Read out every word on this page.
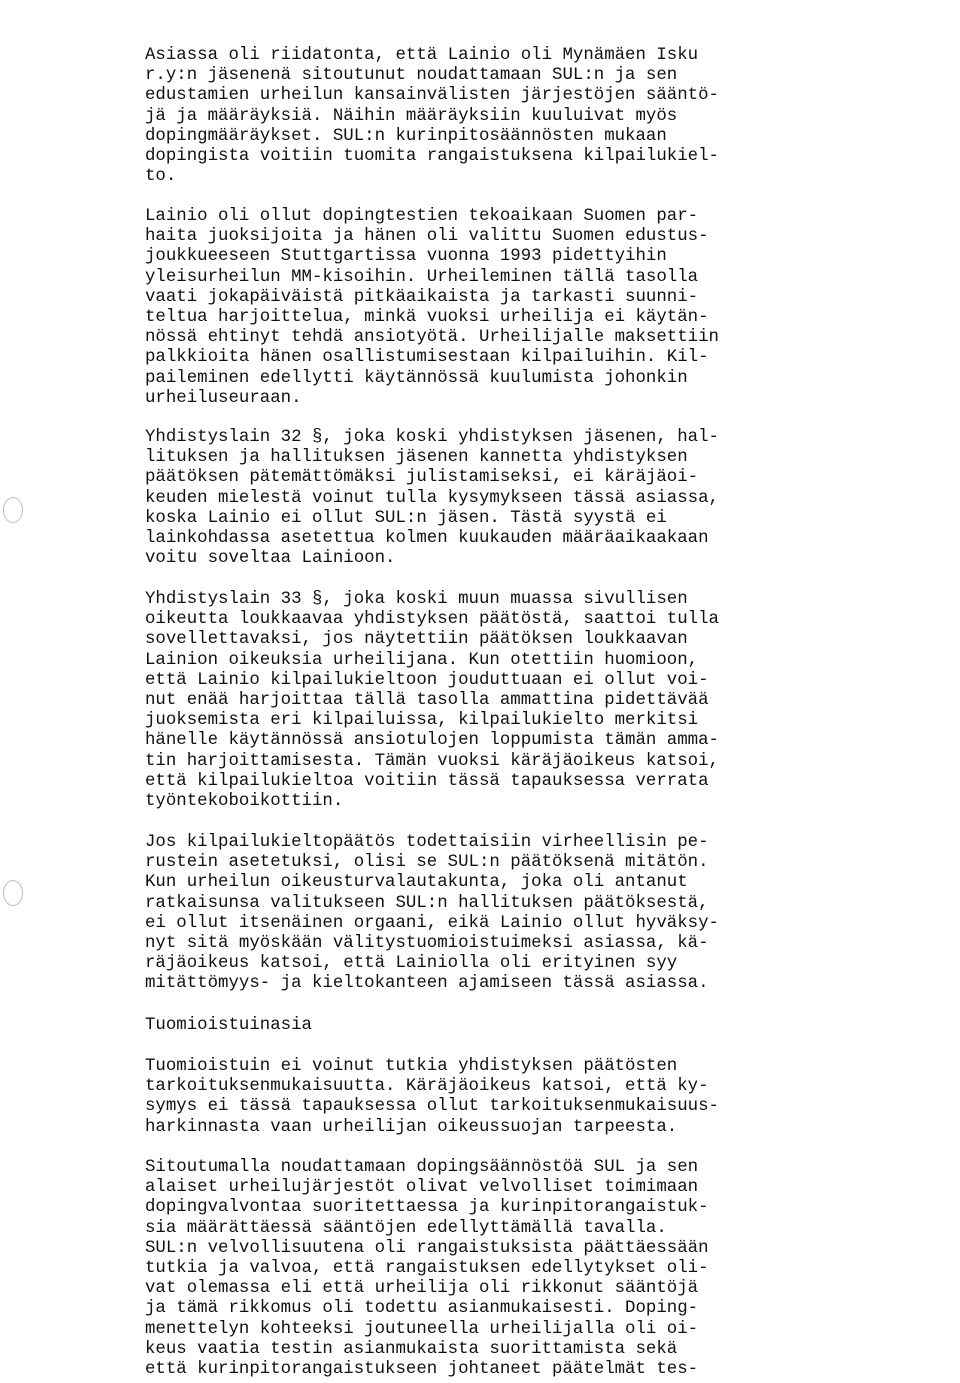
Asiassa oli riidatonta, että Lainio oli Mynämäen Isku
r.y:n jäsenenä sitoutunut noudattamaan SUL:n ja sen
edustamien urheilun kansainvälisten järjestöjen sääntö-
jä ja määräyksiä. Näihin määräyksiin kuuluivat myös
dopingmääräykset. SUL:n kurinpitosäännösten mukaan
dopingista voitiin tuomita rangaistuksena kilpailukiel-
to.
Lainio oli ollut dopingtestien tekoaikaan Suomen par-
haita juoksijoita ja hänen oli valittu Suomen edustus-
joukkueeseen Stuttgartissa vuonna 1993 pidettyihin
yleisurheilun MM-kisoihin. Urheileminen tällä tasolla
vaati jokapäiväistä pitkäaikaista ja tarkasti suunni-
teltua harjoittelua, minkä vuoksi urheilija ei käytän-
nössä ehtinyt tehdä ansiotyötä. Urheilijalle maksettiin
palkkioita hänen osallistumisestaan kilpailuihin. Kil-
paileminen edellytti käytännössä kuulumista johonkin
urheiluseuraan.
Yhdistyslain 32 §, joka koski yhdistyksen jäsenen, hal-
lituksen ja hallituksen jäsenen kannetta yhdistyksen
päätöksen pätemättömäksi julistamiseksi, ei käräjäoi-
keuden mielestä voinut tulla kysymykseen tässä asiassa,
koska Lainio ei ollut SUL:n jäsen. Tästä syystä ei
lainkohdassa asetettua kolmen kuukauden määräaikaakaan
voitu soveltaa Lainioon.
Yhdistyslain 33 §, joka koski muun muassa sivullisen
oikeutta loukkaavaa yhdistyksen päätöstä, saattoi tulla
sovellettavaksi, jos näytettiin päätöksen loukkaavan
Lainion oikeuksia urheilijana. Kun otettiin huomioon,
että Lainio kilpailukieltoon jouduttuaan ei ollut voi-
nut enää harjoittaa tällä tasolla ammattina pidettävää
juoksemista eri kilpailuissa, kilpailukielto merkitsi
hänelle käytännössä ansiotulojen loppumista tämän amma-
tin harjoittamisesta. Tämän vuoksi käräjäoikeus katsoi,
että kilpailukieltoa voitiin tässä tapauksessa verrata
työntekoboikottiin.
Jos kilpailukieltopäätös todettaisiin virheellisin pe-
rustein asetetuksi, olisi se SUL:n päätöksenä mitätön.
Kun urheilun oikeusturvalautakunta, joka oli antanut
ratkaisunsa valitukseen SUL:n hallituksen päätöksestä,
ei ollut itsenäinen orgaani, eikä Lainio ollut hyväksy-
nyt sitä myöskään välitystuomioistuimeksi asiassa, kä-
räjäoikeus katsoi, että Lainiolla oli erityinen syy
mitättömyys- ja kieltokanteen ajamiseen tässä asiassa.
Tuomioistuinasia
Tuomioistuin ei voinut tutkia yhdistyksen päätösten
tarkoituksenmukaisuutta. Käräjäoikeus katsoi, että ky-
symys ei tässä tapauksessa ollut tarkoituksenmukaisuus-
harkinnasta vaan urheilijan oikeussuojan tarpeesta.
Sitoutumalla noudattamaan dopingsäännöstöä SUL ja sen
alaiset urheilujärjestöt olivat velvolliset toimimaan
dopingvalvontaa suoritettaessa ja kurinpitorangaistuk-
sia määrättäessä sääntöjen edellyttämällä tavalla.
SUL:n velvollisuutena oli rangaistuksista päättäessään
tutkia ja valvoa, että rangaistuksen edellytykset oli-
vat olemassa eli että urheilija oli rikkonut sääntöjä
ja tämä rikkomus oli todettu asianmukaisesti. Doping-
menettelyn kohteeksi joutuneella urheilijalla oli oi-
keus vaatia testin asianmukaista suorittamista sekä
että kurinpitorangaistukseen johtaneet päätelmät tes-
